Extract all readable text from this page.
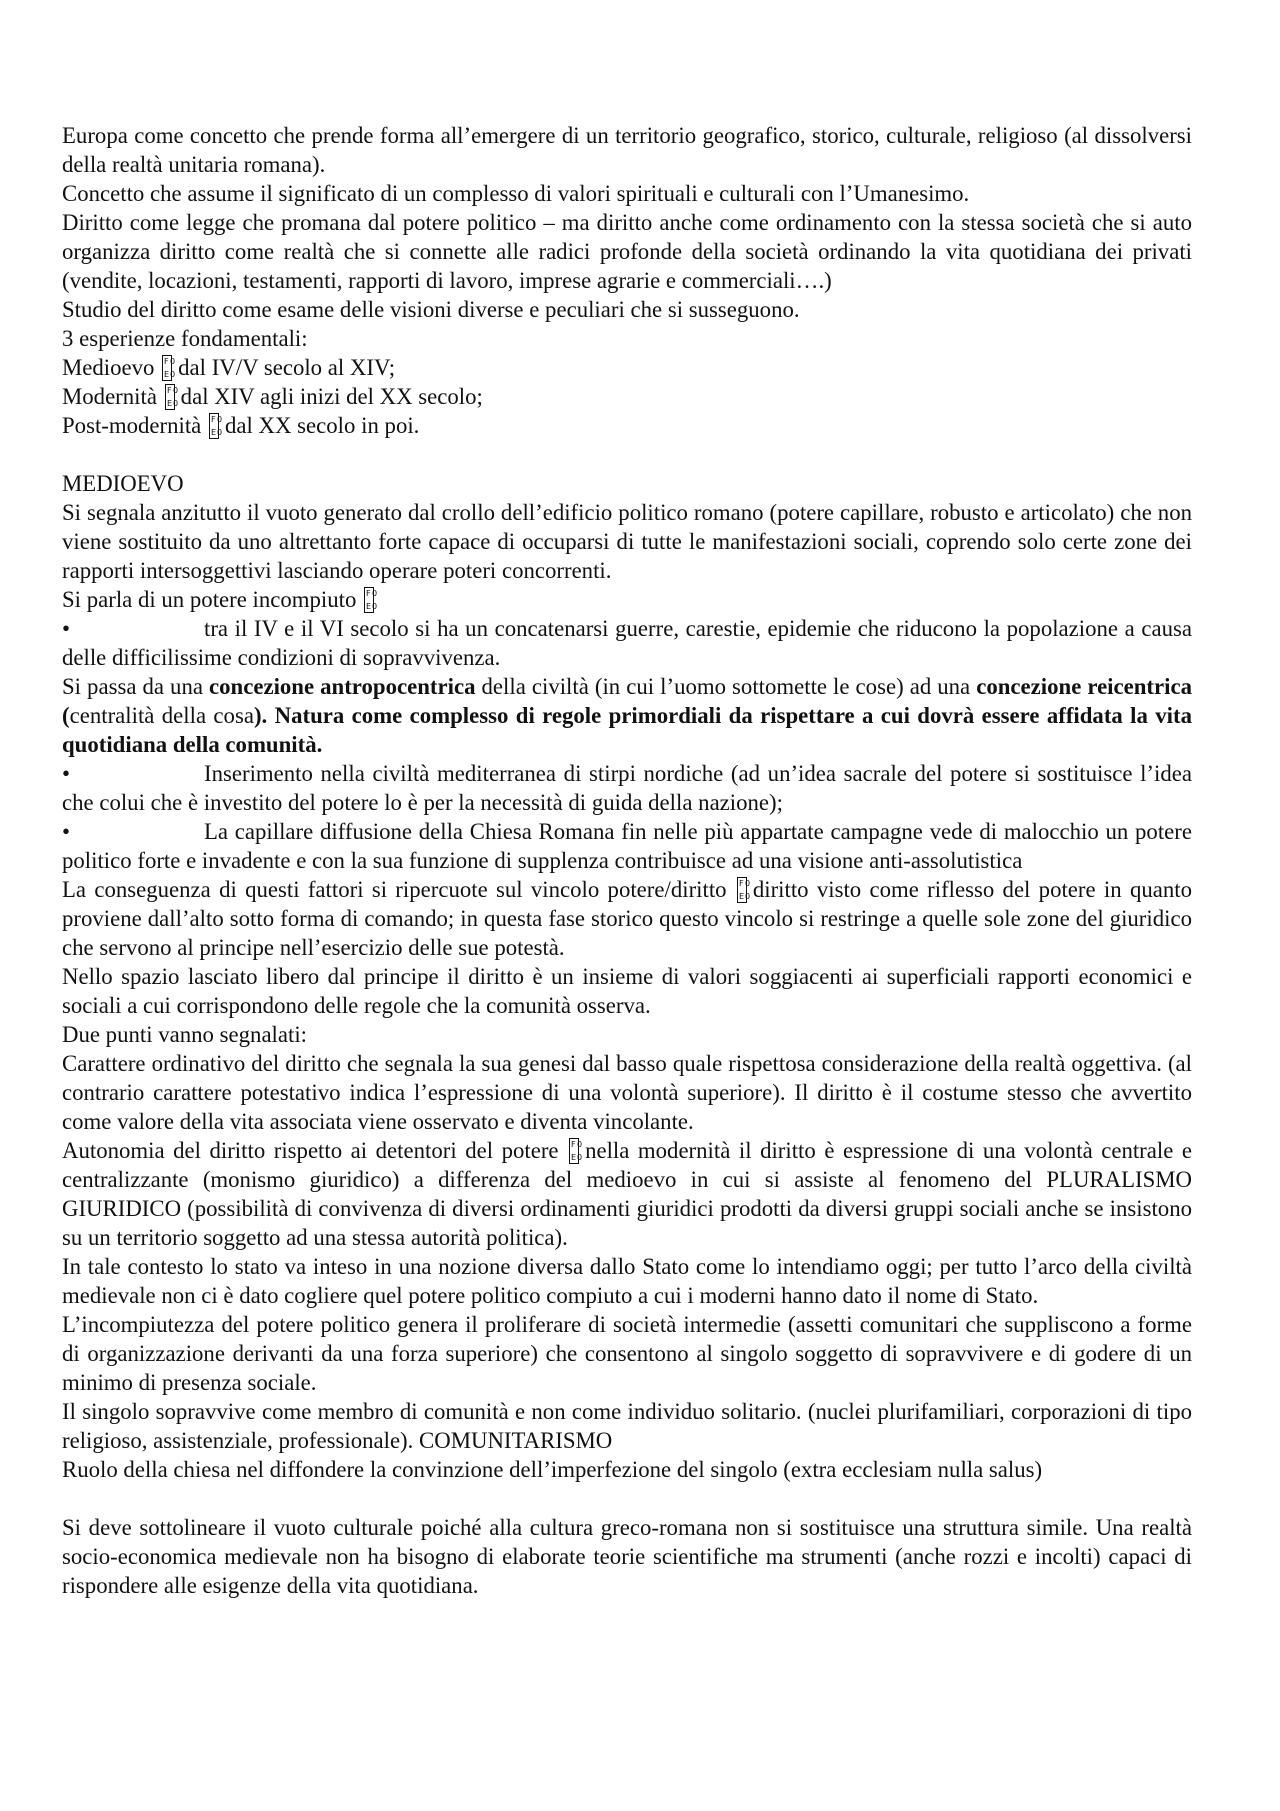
Europa come concetto che prende forma all’emergere di un territorio geografico, storico, culturale, religioso (al dissolversi della realtà unitaria romana).

Concetto che assume il significato di un complesso di valori spirituali e culturali con l’Umanesimo.

Diritto come legge che promana dal potere politico – ma diritto anche come ordinamento con la stessa società che si auto organizza diritto come realtà che si connette alle radici profonde della società ordinando la vita quotidiana dei privati (vendite, locazioni, testamenti, rapporti di lavoro, imprese agrarie e commerciali….)

Studio del diritto come esame delle visioni diverse e peculiari che si susseguono.

3 esperienze fondamentali:

Medioevo F 0
E 0 dal IV/V secolo al XIV;

Modernità F 0
E 0 dal XIV agli inizi del XX secolo;

Post-modernità F 0
E 0 dal XX secolo in poi.

MEDIOEVO

Si segnala anzitutto il vuoto generato dal crollo dell’edificio politico romano (potere capillare, robusto e articolato) che non viene sostituito da uno altrettanto forte capace di occuparsi di tutte le manifestazioni sociali, coprendo solo certe zone dei rapporti intersoggettivi lasciando operare poteri concorrenti.

Si parla di un potere incompiuto F 0
E 0

•	tra il IV e il VI secolo si ha un concatenarsi guerre, carestie, epidemie che riducono la popolazione a causa delle difficilissime condizioni di sopravvivenza.

Si passa da una concezione antropocentrica della civiltà (in cui l’uomo sottomette le cose) ad una concezione reicentrica (centralità della cosa). Natura come complesso di regole primordiali da rispettare a cui dovrà essere affidata la vita quotidiana della comunità.

•	Inserimento nella civiltà mediterranea di stirpi nordiche (ad un’idea sacrale del potere si sostituisce l’idea che colui che è investito del potere lo è per la necessità di guida della nazione);

•	La capillare diffusione della Chiesa Romana fin nelle più appartate campagne vede di malocchio un potere politico forte e invadente e con la sua funzione di supplenza contribuisce ad una visione anti-assolutistica

La conseguenza di questi fattori si ripercuote sul vincolo potere/diritto F 0
E 0 diritto visto come riflesso del potere in quanto proviene dall’alto sotto forma di comando; in questa fase storico questo vincolo si restringe a quelle sole zone del giuridico che servono al principe nell’esercizio delle sue potestà.

Nello spazio lasciato libero dal principe il diritto è un insieme di valori soggiacenti ai superficiali rapporti economici e sociali a cui corrispondono delle regole che la comunità osserva.

Due punti vanno segnalati:

Carattere ordinativo del diritto che segnala la sua genesi dal basso quale rispettosa considerazione della realtà oggettiva. (al contrario carattere potestativo indica l’espressione di una volontà superiore). Il diritto è il costume stesso che avvertito come valore della vita associata viene osservato e diventa vincolante.

Autonomia del diritto rispetto ai detentori del potere F 0
E 0 nella modernità il diritto è espressione di una volontà centrale e centralizzante (monismo giuridico) a differenza del medioevo in cui si assiste al fenomeno del PLURALISMO GIURIDICO (possibilità di convivenza di diversi ordinamenti giuridici prodotti da diversi gruppi sociali anche se insistono su un territorio soggetto ad una stessa autorità politica).

In tale contesto lo stato va inteso in una nozione diversa dallo Stato come lo intendiamo oggi; per tutto l’arco della civiltà medievale non ci è dato cogliere quel potere politico compiuto a cui i moderni hanno dato il nome di Stato.

L’incompiutezza del potere politico genera il proliferare di società intermedie (assetti comunitari che suppliscono a forme di organizzazione derivanti da una forza superiore) che consentono al singolo soggetto di sopravvivere e di godere di un minimo di presenza sociale.

Il singolo sopravvive come membro di comunità e non come individuo solitario. (nuclei plurifamiliari, corporazioni di tipo religioso, assistenziale, professionale). COMUNITARISMO

Ruolo della chiesa nel diffondere la convinzione dell’imperfezione del singolo (extra ecclesiam nulla salus)

Si deve sottolineare il vuoto culturale poiché alla cultura greco-romana non si sostituisce una struttura simile. Una realtà socio-economica medievale non ha bisogno di elaborate teorie scientifiche ma strumenti (anche rozzi e incolti) capaci di rispondere alle esigenze della vita quotidiana.
